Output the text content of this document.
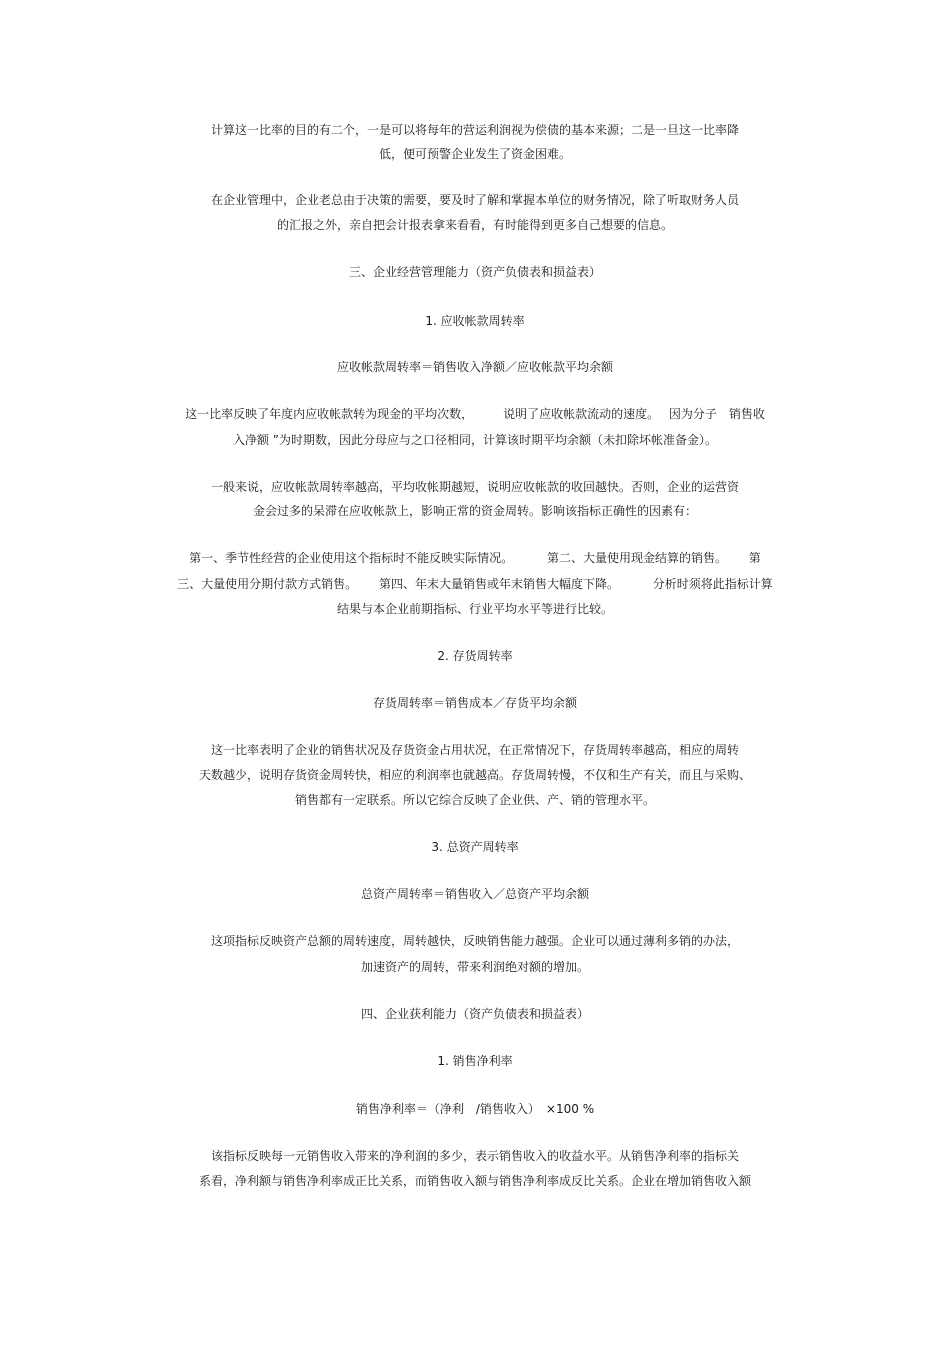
计算这一比率的目的有二个，一是可以将每年的营运利润视为偿债的基本来源；二是一旦这一比率降
低，便可预警企业发生了资金困难。
在企业管理中，企业老总由于决策的需要，要及时了解和掌握本单位的财务情况，除了听取财务人员
的汇报之外，亲自把会计报表拿来看看，有时能得到更多自己想要的信息。
三、企业经营管理能力（资产负债表和损益表）
1. 应收帐款周转率
应收帐款周转率＝销售收入净额／应收帐款平均余额
这一比率反映了年度内应收帐款转为现金的平均次数，　　　说明了应收帐款流动的速度。　 因为分子　销售收
入净额 ”为时期数，因此分母应与之口径相同，计算该时期平均余额（未扣除坏帐准备金）。
一般来说，应收帐款周转率越高，平均收帐期越短，说明应收帐款的收回越快。否则，企业的运营资
金会过多的呆滞在应收帐款上，影响正常的资金周转。影响该指标正确性的因素有：
第一、季节性经营的企业使用这个指标时不能反映实际情况。　　　 第二、大量使用现金结算的销售。　　 第
三、大量使用分期付款方式销售。　　 第四、年末大量销售或年末销售大幅度下降。　　　 分析时须将此指标计算
结果与本企业前期指标、行业平均水平等进行比较。
2. 存货周转率
存货周转率＝销售成本／存货平均余额
这一比率表明了企业的销售状况及存货资金占用状况，在正常情况下，存货周转率越高，相应的周转
天数越少，说明存货资金周转快，相应的利润率也就越高。存货周转慢，不仅和生产有关，而且与采购、
销售都有一定联系。所以它综合反映了企业供、产、销的管理水平。
3. 总资产周转率
总资产周转率＝销售收入／总资产平均余额
这项指标反映资产总额的周转速度，周转越快，反映销售能力越强。企业可以通过薄利多销的办法，
加速资产的周转，带来利润绝对额的增加。
四、企业获利能力（资产负债表和损益表）
1. 销售净利率
销售净利率＝（净利　/销售收入）　×100 %
该指标反映每一元销售收入带来的净利润的多少，表示销售收入的收益水平。从销售净利率的指标关
系看，净利额与销售净利率成正比关系，而销售收入额与销售净利率成反比关系。企业在增加销售收入额
